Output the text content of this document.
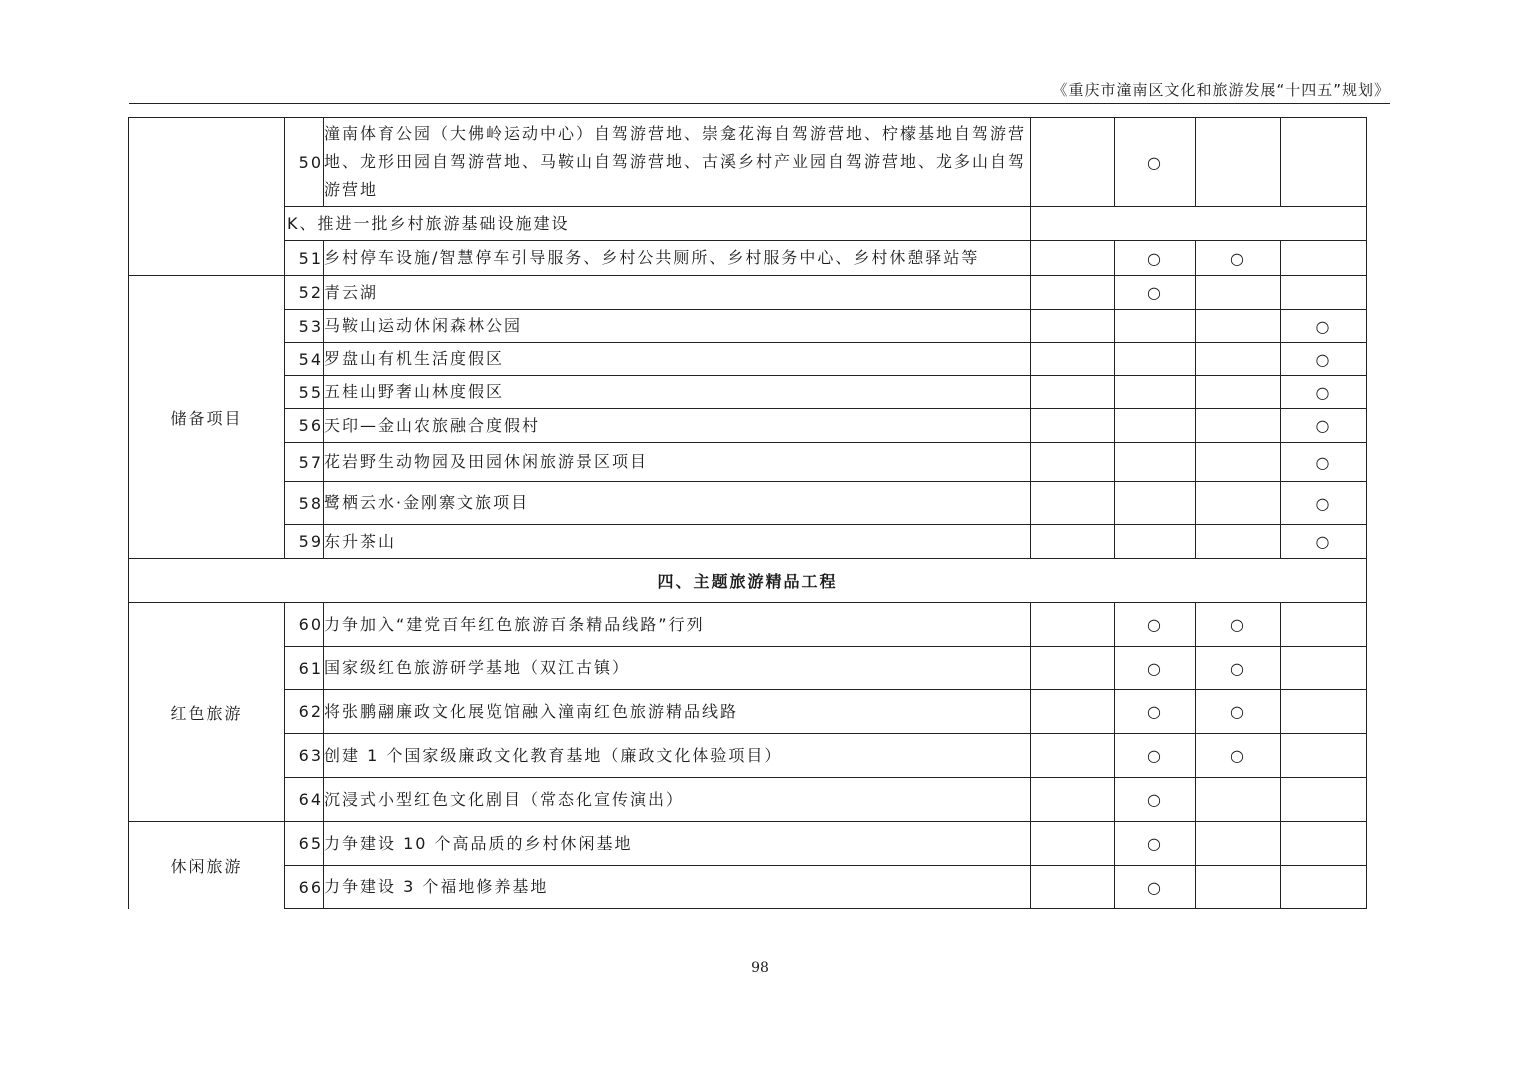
《重庆市潼南区文化和旅游发展“十四五”规划》
	50	潼南体育公园（大佛岭运动中心）自驾游营地、崇龛花海自驾游营地、柠檬基地自驾游营地、龙形田园自驾游营地、马鞍山自驾游营地、古溪乡村产业园自驾游营地、龙多山自驾游营地		○		
	K、推进一批乡村旅游基础设施建设					
	51	乡村停车设施/智慧停车引导服务、乡村公共厕所、乡村服务中心、乡村休憩驿站等		○	○	
储备项目	52	青云湖		○		
	53	马鞍山运动休闲森林公园				○
	54	罗盘山有机生活度假区				○
	55	五桂山野奢山林度假区				○
	56	天印—金山农旅融合度假村				○
	57	花岩野生动物园及田园休闲旅游景区项目				○
	58	鹭栖云水·金刚寨文旅项目				○
	59	东升茶山				○
四、主题旅游精品工程						
红色旅游	60	力争加入“建党百年红色旅游百条精品线路”行列		○	○	
	61	国家级红色旅游研学基地（双江古镇）		○	○	
	62	将张鹏翮廉政文化展览馆融入潼南红色旅游精品线路		○	○	
	63	创建 1 个国家级廉政文化教育基地（廉政文化体验项目）		○	○	
	64	沉浸式小型红色文化剧目（常态化宣传演出）		○		
休闲旅游	65	力争建设 10 个高品质的乡村休闲基地		○		
	66	力争建设 3 个福地修养基地		○		
98
